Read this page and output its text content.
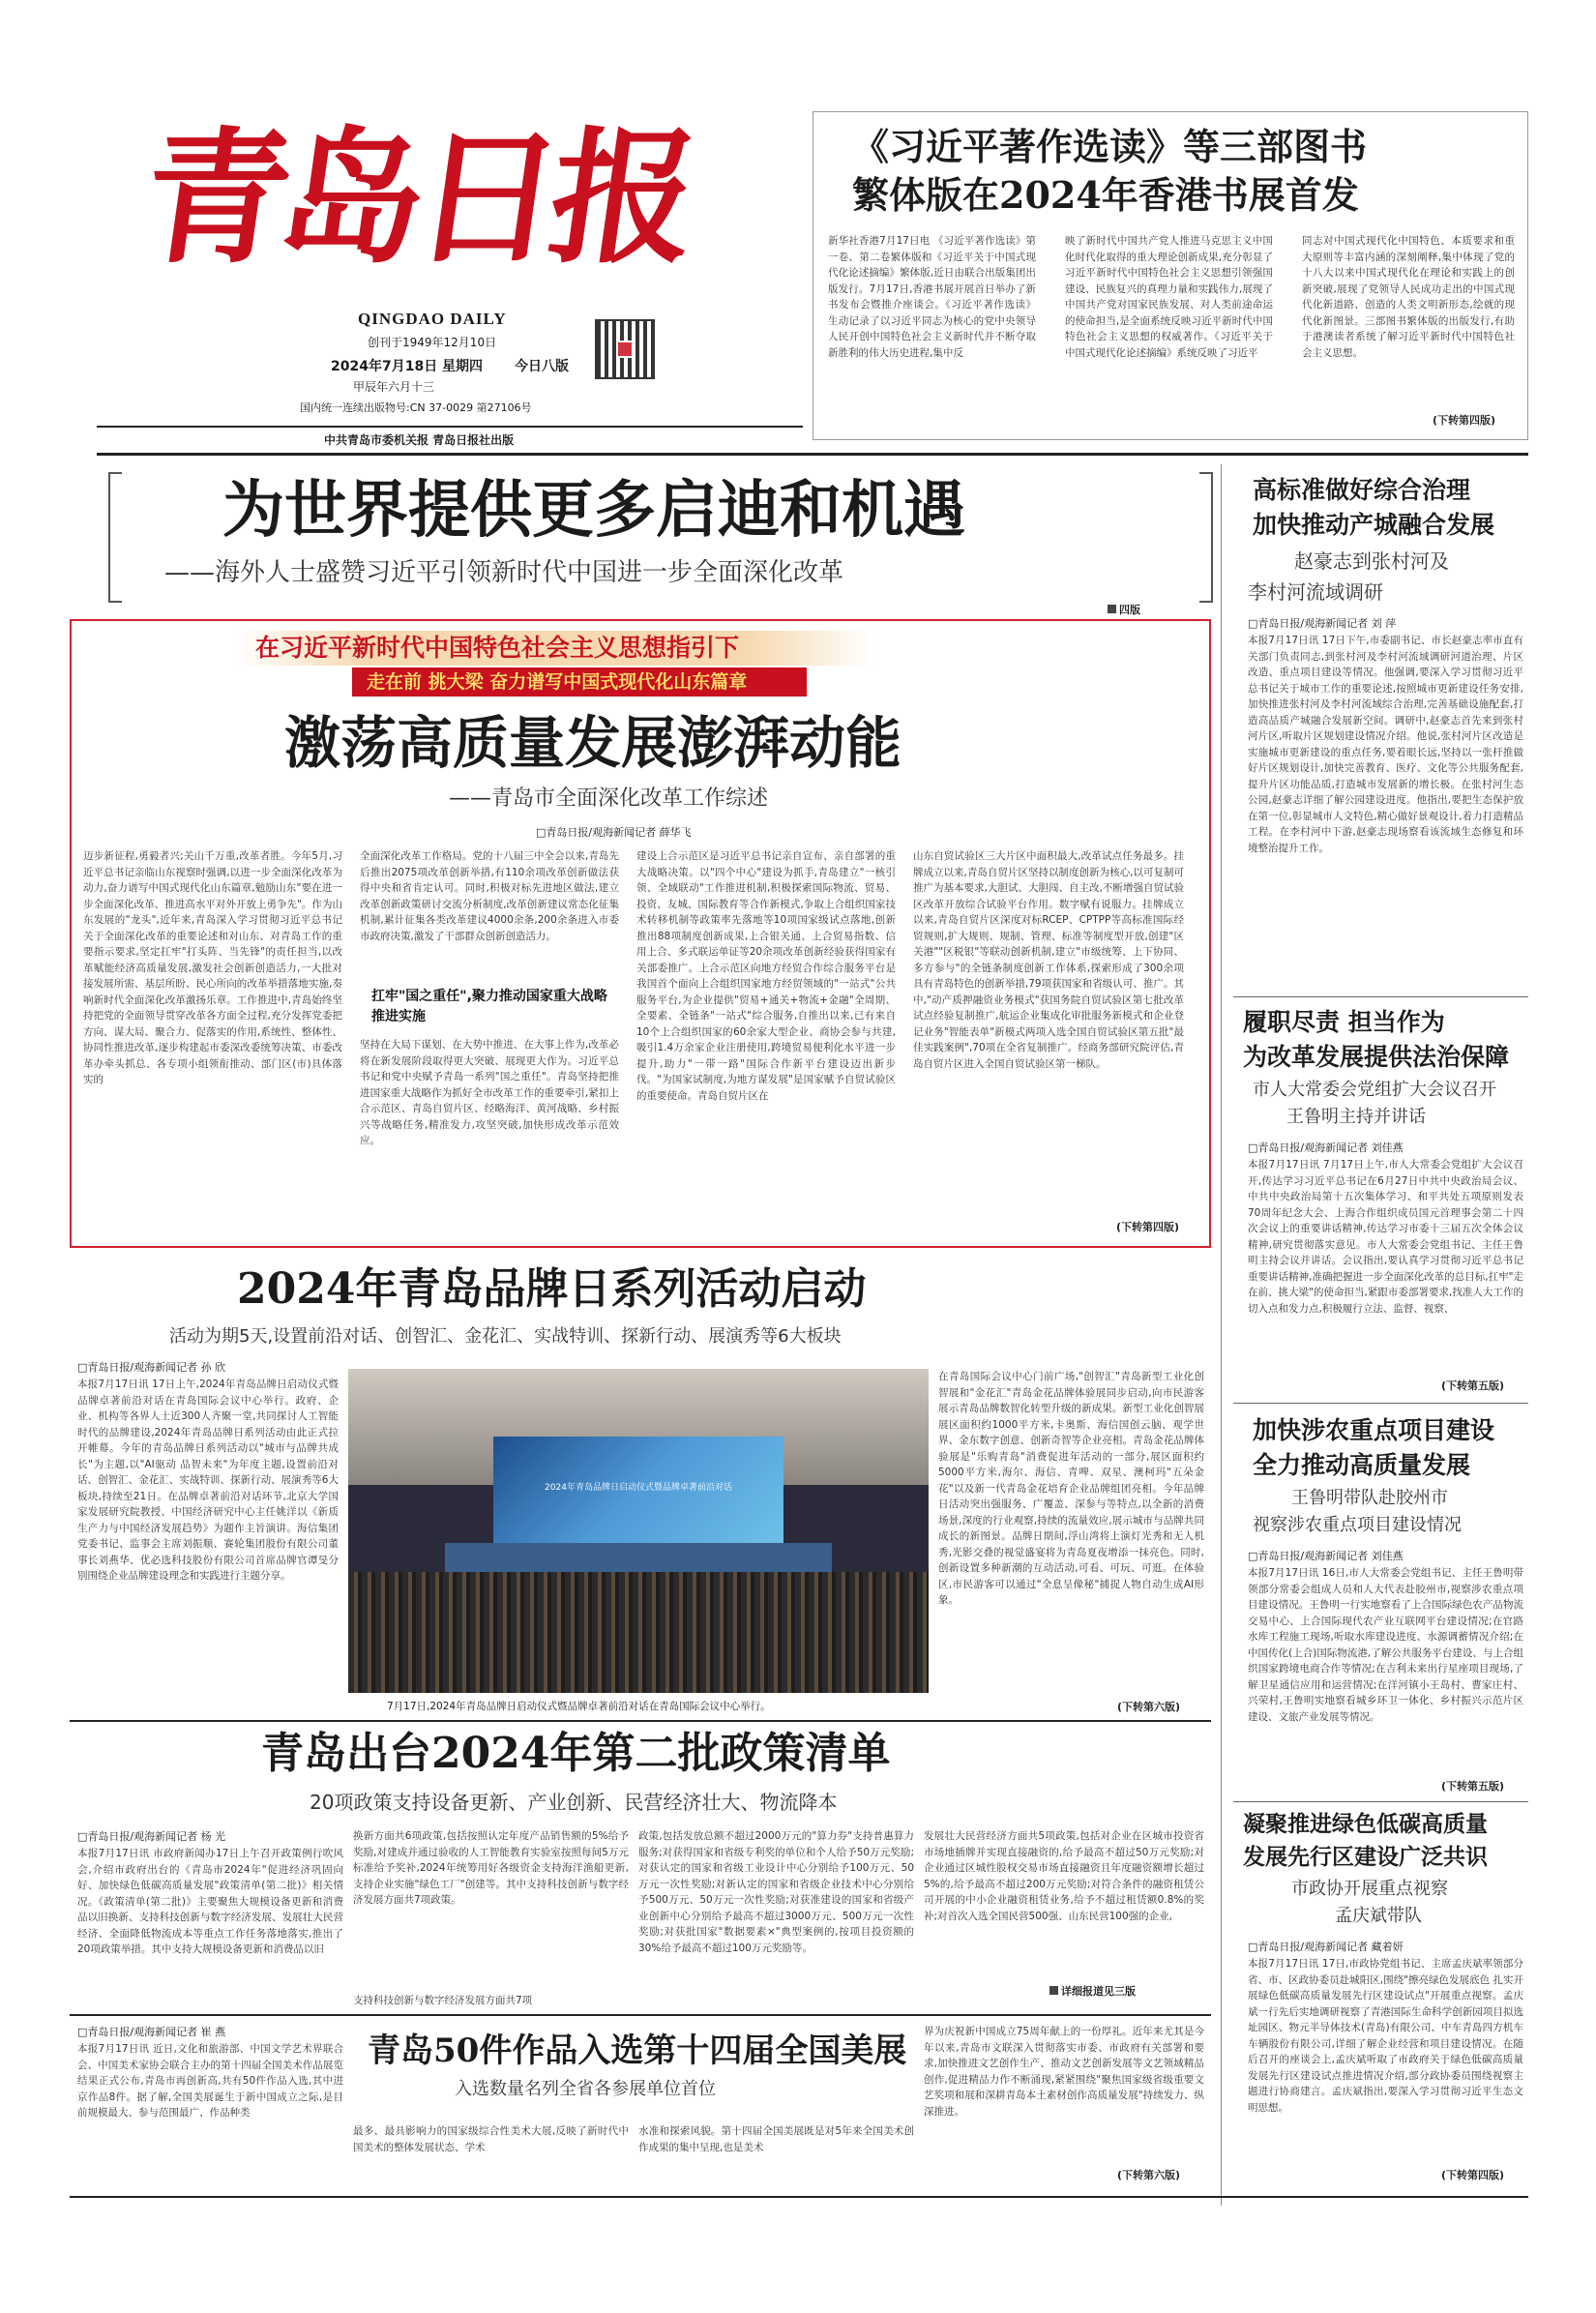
青岛日报
QINGDAO DAILY
创刊于1949年12月10日
2024年7月18日 星期四 今日八版
甲辰年六月十三
国内统一连续出版物号:CN 37-0029 第27106号
中共青岛市委机关报 青岛日报社出版
《习近平著作选读》等三部图书
繁体版在2024年香港书展首发
新华社香港7月17日电 《习近平著作选读》第一卷、第二卷繁体版和《习近平关于中国式现代化论述摘编》繁体版,近日由联合出版集团出版发行。7月17日,香港书展开展首日举办了新书发布会暨推介座谈会。《习近平著作选读》生动记录了以习近平同志为核心的党中央领导人民开创中国特色社会主义新时代并不断夺取新胜利的伟大历史进程,集中反
映了新时代中国共产党人推进马克思主义中国化时代化取得的重大理论创新成果,充分彰显了习近平新时代中国特色社会主义思想引领强国建设、民族复兴的真理力量和实践伟力,展现了中国共产党对国家民族发展、对人类前途命运的使命担当,是全面系统反映习近平新时代中国特色社会主义思想的权威著作。《习近平关于中国式现代化论述摘编》系统反映了习近平
同志对中国式现代化中国特色、本质要求和重大原则等丰富内涵的深刻阐释,集中体现了党的十八大以来中国式现代化在理论和实践上的创新突破,展现了党领导人民成功走出的中国式现代化新道路、创造的人类文明新形态,绘就的现代化新图景。三部图书繁体版的出版发行,有助于港澳读者系统了解习近平新时代中国特色社会主义思想。
(下转第四版)
为世界提供更多启迪和机遇
——海外人士盛赞习近平引领新时代中国进一步全面深化改革
四版
在习近平新时代中国特色社会主义思想指引下
走在前 挑大梁 奋力谱写中国式现代化山东篇章
激荡高质量发展澎湃动能
——青岛市全面深化改革工作综述
□青岛日报/观海新闻记者 薛华飞
迈步新征程,勇毅者兴;关山千万重,改革者胜。今年5月,习近平总书记亲临山东视察时强调,以进一步全面深化改革为动力,奋力谱写中国式现代化山东篇章,勉励山东"要在进一步全面深化改革、推进高水平对外开放上勇争先"。作为山东发展的"龙头",近年来,青岛深入学习贯彻习近平总书记关于全面深化改革的重要论述和对山东、对青岛工作的重要指示要求,坚定扛牢"打头阵、当先锋"的责任担当,以改革赋能经济高质量发展,激发社会创新创造活力,一大批对接发展所需、基层所盼、民心所向的改革举措落地实施,奏响新时代全面深化改革激扬乐章。工作推进中,青岛始终坚持把党的全面领导贯穿改革各方面全过程,充分发挥党委把方向、谋大局、聚合力、促落实的作用,系统性、整体性、协同性推进改革,逐步构建起市委深改委统筹决策、市委改革办牵头抓总、各专项小组领衔推动、部门区(市)具体落实的
全面深化改革工作格局。党的十八届三中全会以来,青岛先后推出2075项改革创新举措,有110余项改革创新做法获得中央和省肯定认可。同时,积极对标先进地区做法,建立改革创新政策研讨交流分析制度,改革创新建议常态化征集机制,累计征集各类改革建议4000余条,200余条进入市委市政府决策,激发了干部群众创新创造活力。
扛牢"国之重任",聚力推动国家重大战略推进实施
坚持在大局下谋划、在大势中推进、在大事上作为,改革必将在新发展阶段取得更大突破、展现更大作为。习近平总书记和党中央赋予青岛一系列"国之重任"。青岛坚持把推进国家重大战略作为抓好全市改革工作的重要牵引,紧扣上合示范区、青岛自贸片区、经略海洋、黄河战略、乡村振兴等战略任务,精准发力,攻坚突破,加快形成改革示范效应。
建设上合示范区是习近平总书记亲自宣布、亲自部署的重大战略决策。以"四个中心"建设为抓手,青岛建立"一核引领、全域联动"工作推进机制,积极探索国际物流、贸易、投资、友城、国际教育等合作新模式,争取上合组织国家技术转移机制等政策率先落地等10项国家级试点落地,创新推出88项制度创新成果,上合银关通、上合贸易指数、信用上合、多式联运单证等20余项改革创新经验获得国家有关部委推广。上合示范区向地方经贸合作综合服务平台是我国首个面向上合组织国家地方经贸领域的"一站式"公共服务平台,为企业提供"贸易+通关+物流+金融"全周期、全要素、全链条"一站式"综合服务,自推出以来,已有来自10个上合组织国家的60余家大型企业、商协会参与共建,吸引1.4万余家企业注册使用,跨境贸易便利化水平进一步提升,助力"一带一路"国际合作新平台建设迈出新步伐。"为国家试制度,为地方谋发展"是国家赋予自贸试验区的重要使命。青岛自贸片区在
山东自贸试验区三大片区中面积最大,改革试点任务最多。挂牌成立以来,青岛自贸片区坚持以制度创新为核心,以可复制可推广为基本要求,大胆试、大胆闯、自主改,不断增强自贸试验区改革开放综合试验平台作用。数字赋有说服力。挂牌成立以来,青岛自贸片区深度对标RCEP、CPTPP等高标准国际经贸规则,扩大规则、规制、管理、标准等制度型开放,创建"区关港""区税银"等联动创新机制,建立"市级统筹、上下协同、多方参与"的全链条制度创新工作体系,探索形成了300余项具有青岛特色的创新举措,79项获国家和省级认可、推广。其中,"动产质押融资业务模式"获国务院自贸试验区第七批改革试点经验复制推广,航运企业集成化审批服务新模式和企业登记业务"智能表单"新模式两项入选全国自贸试验区第五批"最佳实践案例",70项在全省复制推广。经商务部研究院评估,青岛自贸片区进入全国自贸试验区第一梯队。
(下转第四版)
2024年青岛品牌日系列活动启动
活动为期5天,设置前沿对话、创智汇、金花汇、实战特训、探新行动、展演秀等6大板块
□青岛日报/观海新闻记者 孙 欣
本报7月17日讯 17日上午,2024年青岛品牌日启动仪式暨品牌卓著前沿对话在青岛国际会议中心举行。政府、企业、机构等各界人士近300人齐聚一堂,共同探讨人工智能时代的品牌建设,2024年青岛品牌日系列活动由此正式拉开帷幕。今年的青岛品牌日系列活动以"城市与品牌共成长"为主题,以"AI驱动 品智未来"为年度主题,设置前沿对话、创智汇、金花汇、实战特训、探新行动、展演秀等6大板块,持续至21日。在品牌卓著前沿对话环节,北京大学国家发展研究院教授、中国经济研究中心主任姚洋以《新质生产力与中国经济发展趋势》为题作主旨演讲。海信集团党委书记、监事会主席刘振顺、赛轮集团股份有限公司董事长刘燕华、优必选科技股份有限公司首席品牌官谭旻分别围绕企业品牌建设理念和实践进行主题分享。
2024年青岛品牌日启动仪式暨品牌卓著前沿对话
7月17日,2024年青岛品牌日启动仪式暨品牌卓著前沿对话在青岛国际会议中心举行。
在青岛国际会议中心门前广场,"创智汇"青岛新型工业化创智展和"金花汇"青岛金花品牌体验展同步启动,向市民游客展示青岛品牌数智化转型升级的新成果。新型工业化创智展展区面积约1000平方米,卡奥斯、海信国创云脑、观学世界、金东数字创意、创新奇智等企业亮相。青岛金花品牌体验展是"乐购青岛"消费促进年活动的一部分,展区面积约5000平方米,海尔、海信、青啤、双星、澳柯玛"五朵金花"以及新一代青岛金花培育企业品牌组团亮相。今年品牌日活动突出强服务、广覆盖、深参与等特点,以全新的消费场景,深度的行业观察,持续的流量效应,展示城市与品牌共同成长的新图景。品牌日期间,浮山湾将上演灯光秀和无人机秀,光影交叠的视觉盛宴将为青岛夏夜增添一抹亮色。同时,创新设置多种新潮的互动活动,可看、可玩、可逛。在体验区,市民游客可以通过"全息呈像秘"捕捉人物自动生成AI形象。
(下转第六版)
青岛出台2024年第二批政策清单
20项政策支持设备更新、产业创新、民营经济壮大、物流降本
□青岛日报/观海新闻记者 杨 光
本报7月17日讯 市政府新闻办17日上午召开政策例行吹风会,介绍市政府出台的《青岛市2024年"促进经济巩固向好、加快绿色低碳高质量发展"政策清单(第二批)》相关情况。《政策清单(第二批)》主要聚焦大规模设备更新和消费品以旧换新、支持科技创新与数字经济发展、发展壮大民营经济、全面降低物流成本等重点工作任务落地落实,推出了20项政策举措。其中支持大规模设备更新和消费品以旧
换新方面共6项政策,包括按照认定年度产品销售额的5%给予奖励,对建成并通过验收的人工智能教育实验室按照每间5万元标准给予奖补,2024年统筹用好各级资金支持海洋渔船更新,支持企业实施"绿色工厂"创建等。其中支持科技创新与数字经济发展方面共7项政策。
支持科技创新与数字经济发展方面共7项
政策,包括发放总额不超过2000万元的"算力券"支持普惠算力服务;对获得国家和省级专利奖的单位和个人给予50万元奖励;对获认定的国家和省级工业设计中心分别给予100万元、50万元一次性奖励;对新认定的国家和省级企业技术中心分别给予500万元、50万元一次性奖励;对获准建设的国家和省级产业创新中心分别给予最高不超过3000万元、500万元一次性奖励;对获批国家"数据要素×"典型案例的,按项目投资额的30%给予最高不超过100万元奖励等。
发展壮大民营经济方面共5项政策,包括对企业在区城市投资省市场地插牌并实现直接融资的,给予最高不超过50万元奖励;对企业通过区城性股权交易市场直接融资且年度融资额增长超过5%的,给予最高不超过200万元奖励;对符合条件的融资租赁公司开展的中小企业融资租赁业务,给予不超过租赁额0.8%的奖补;对首次入选全国民营500强、山东民营100强的企业,
详细报道见三版
□青岛日报/观海新闻记者 崔 燕
本报7月17日讯 近日,文化和旅游部、中国文学艺术界联合会、中国美术家协会联合主办的第十四届全国美术作品展览结果正式公布,青岛市再创新高,共有50件作品入选,其中进京作品8件。据了解,全国美展诞生于新中国成立之际,是目前规模最大、参与范围最广、作品种类
青岛50件作品入选第十四届全国美展
入选数量名列全省各参展单位首位
最多、最具影响力的国家级综合性美术大展,反映了新时代中国美术的整体发展状态、学术
水准和探索风貌。第十四届全国美展既是对5年来全国美术创作成果的集中呈现,也是美术
界为庆祝新中国成立75周年献上的一份厚礼。近年来尤其是今年以来,青岛市文联深入贯彻落实市委、市政府有关部署和要求,加快推进文艺创作生产、推动文艺创新发展等文艺领域精品创作,促进精品力作不断涌现,紧紧围绕"聚焦国家级省级重要文艺奖项和展和深耕青岛本土素材创作高质量发展"持续发力、纵深推进。
(下转第六版)
高标准做好综合治理
加快推动产城融合发展
赵豪志到张村河及
李村河流域调研
□青岛日报/观海新闻记者 刘 萍
本报7月17日讯 17日下午,市委副书记、市长赵豪志率市直有关部门负责同志,到张村河及李村河流域调研河道治理、片区改造、重点项目建设等情况。他强调,要深入学习贯彻习近平总书记关于城市工作的重要论述,按照城市更新建设任务安排,加快推进张村河及李村河流域综合治理,完善基础设施配套,打造高品质产城融合发展新空间。调研中,赵豪志首先来到张村河片区,听取片区规划建设情况介绍。他说,张村河片区改造是实施城市更新建设的重点任务,要着眼长远,坚持以一张杆推做好片区规划设计,加快完善教育、医疗、文化等公共服务配套,提升片区功能品质,打造城市发展新的增长极。在张村河生态公园,赵豪志详细了解公园建设进度。他指出,要把生态保护放在第一位,彰显城市人文特色,精心做好景观设计,着力打造精品工程。在李村河中下游,赵豪志现场察看该流域生态修复和环境整治提升工作。
履职尽责 担当作为
为改革发展提供法治保障
市人大常委会党组扩大会议召开
王鲁明主持并讲话
□青岛日报/观海新闻记者 刘佳燕
本报7月17日讯 7月17日上午,市人大常委会党组扩大会议召开,传达学习习近平总书记在6月27日中共中央政治局会议、中共中央政治局第十五次集体学习、和平共处五项原则发表70周年纪念大会、上海合作组织成员国元首理事会第二十四次会议上的重要讲话精神,传达学习市委十三届五次全体会议精神,研究贯彻落实意见。市人大常委会党组书记、主任王鲁明主持会议并讲话。会议指出,要认真学习贯彻习近平总书记重要讲话精神,准确把握进一步全面深化改革的总目标,扛牢"走在前、挑大梁"的使命担当,紧跟市委部署要求,找准人大工作的切入点和发力点,积极履行立法、监督、视察、
(下转第五版)
加快涉农重点项目建设
全力推动高质量发展
王鲁明带队赴胶州市
视察涉农重点项目建设情况
□青岛日报/观海新闻记者 刘佳燕
本报7月17日讯 16日,市人大常委会党组书记、主任王鲁明带领部分常委会组成人员和人大代表赴胶州市,视察涉农重点项目建设情况。王鲁明一行实地察看了上合国际绿色农产品物流交易中心、上合国际现代农产业互联网平台建设情况;在官路水库工程施工现场,听取水库建设进度、水源调蓄情况介绍;在中国传化(上合)国际物流港,了解公共服务平台建设、与上合组织国家跨境电商合作等情况;在吉利未来出行星座项目现场,了解卫星通信应用和运营情况;在洋河镇小王岛村、曹家庄村、兴荣村,王鲁明实地察看城乡环卫一体化、乡村振兴示范片区建设、文旅产业发展等情况。
(下转第五版)
凝聚推进绿色低碳高质量
发展先行区建设广泛共识
市政协开展重点视察
孟庆斌带队
□青岛日报/观海新闻记者 藏着妍
本报7月17日讯 17日,市政协党组书记、主席孟庆斌率领部分省、市、区政协委员赴城阳区,围绕"擦亮绿色发展底色 扎实开展绿色低碳高质量发展先行区建设试点"开展重点视察。孟庆斌一行先后实地调研视察了青港国际生命科学创新园项目拟选址园区、物元半导体技术(青岛)有限公司、中车青岛四方机车车辆股份有限公司,详细了解企业经营和项目建设情况。在随后召开的座谈会上,孟庆斌听取了市政府关于绿色低碳高质量发展先行区建设试点推进情况介绍,部分政协委员围绕视察主题进行协商建言。孟庆斌指出,要深入学习贯彻习近平生态文明思想。
(下转第四版)
